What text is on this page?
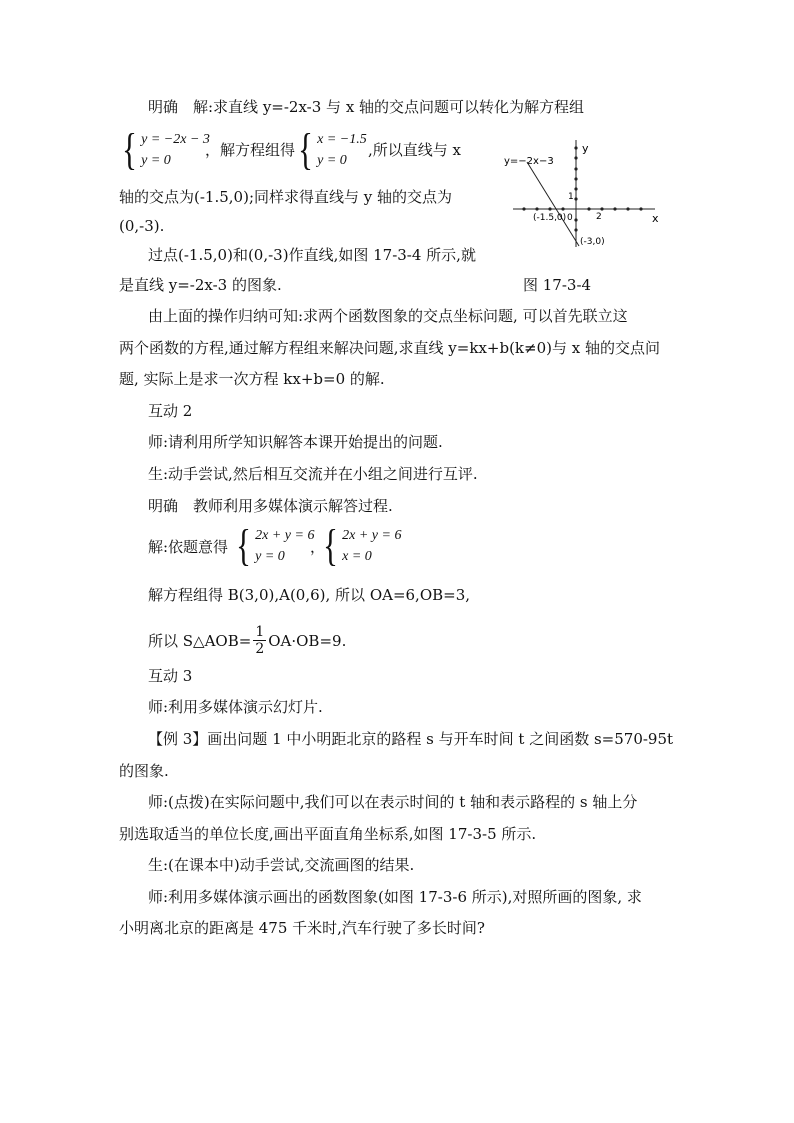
明确　解:求直线 y=-2x-3 与 x 轴的交点问题可以转化为解方程组
{ y = −2x − 3
y = 0
，解方程组得 { x = −1.5
y = 0
,所以直线与 x
轴的交点为(-1.5,0);同样求得直线与 y 轴的交点为
(0,-3).
过点(-1.5,0)和(0,-3)作直线,如图 17-3-4 所示,就
是直线 y=-2x-3 的图象.
y=−2x−3
y
x
1
2
(-1.5,0) 0
(-3,0)
图 17-3-4
由上面的操作归纳可知:求两个函数图象的交点坐标问题, 可以首先联立这
两个函数的方程,通过解方程组来解决问题,求直线 y=kx+b(k≠0)与 x 轴的交点问
题, 实际上是求一次方程 kx+b=0 的解.
互动 2
师:请利用所学知识解答本课开始提出的问题.
生:动手尝试,然后相互交流并在小组之间进行互评.
明确　教师利用多媒体演示解答过程.
解:依题意得 { 2x + y = 6
y = 0
，
{ 2x + y = 6
x = 0
解方程组得 B(3,0),A(0,6), 所以 OA=6,OB=3,
所以 S△AOB= $\frac{1}{2} OA\cdot OB=9$.
互动 3
师:利用多媒体演示幻灯片.
【例 3】画出问题 1 中小明距北京的路程 s 与开车时间 t 之间函数 s=570-95t
的图象.
师:(点拨)在实际问题中,我们可以在表示时间的 t 轴和表示路程的 s 轴上分
别选取适当的单位长度,画出平面直角坐标系,如图 17-3-5 所示.
生:(在课本中)动手尝试,交流画图的结果.
师:利用多媒体演示画出的函数图象(如图 17-3-6 所示),对照所画的图象, 求
小明离北京的距离是 475 千米时,汽车行驶了多长时间?
